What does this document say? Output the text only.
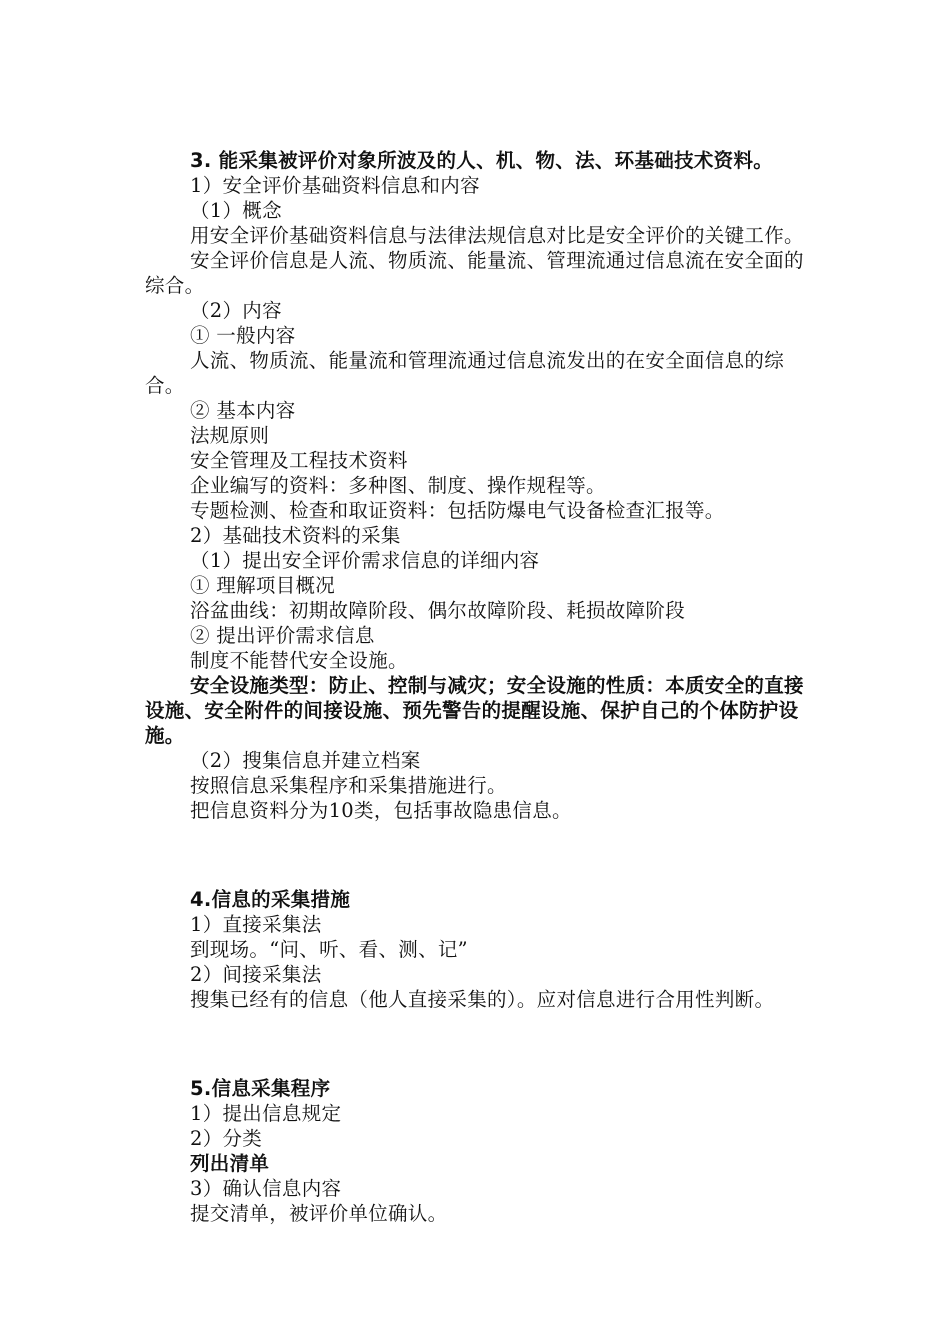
3. 能采集被评价对象所波及的人、机、物、法、环基础技术资料。

1）安全评价基础资料信息和内容

（1）概念

用安全评价基础资料信息与法律法规信息对比是安全评价的关键工作。

安全评价信息是人流、物质流、能量流、管理流通过信息流在安全面的综合。

（2）内容

① 一般内容

人流、物质流、能量流和管理流通过信息流发出的在安全面信息的综合。

② 基本内容

法规原则

安全管理及工程技术资料

企业编写的资料：多种图、制度、操作规程等。

专题检测、检查和取证资料：包括防爆电气设备检查汇报等。

2）基础技术资料的采集

（1）提出安全评价需求信息的详细内容

① 理解项目概况

浴盆曲线：初期故障阶段、偶尔故障阶段、耗损故障阶段

② 提出评价需求信息

制度不能替代安全设施。

安全设施类型：防止、控制与减灾；安全设施的性质：本质安全的直接设施、安全附件的间接设施、预先警告的提醒设施、保护自己的个体防护设施。

（2）搜集信息并建立档案

按照信息采集程序和采集措施进行。

把信息资料分为10类，包括事故隐患信息。

4.信息的采集措施

1）直接采集法

到现场。“问、听、看、测、记”

2）间接采集法

搜集已经有的信息（他人直接采集的）。应对信息进行合用性判断。

5.信息采集程序

1）提出信息规定

2）分类

列出清单

3）确认信息内容

提交清单，被评价单位确认。
